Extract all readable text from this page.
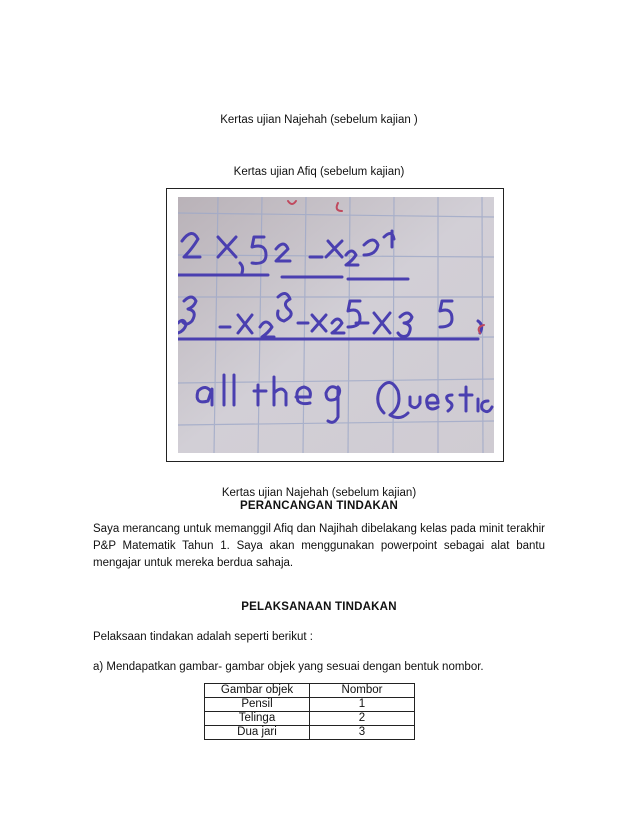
Kertas ujian Najehah (sebelum kajian )
Kertas ujian Afiq (sebelum kajian)
Kertas ujian Najehah (sebelum kajian)
PERANCANGAN TINDAKAN
Saya merancang untuk memanggil Afiq dan Najihah dibelakang kelas pada minit terakhir P&P Matematik Tahun 1. Saya akan menggunakan powerpoint sebagai alat bantu mengajar untuk mereka berdua sahaja.
PELAKSANAAN TINDAKAN
Pelaksaan tindakan adalah seperti berikut :
a) Mendapatkan gambar- gambar objek yang sesuai dengan bentuk nombor.
Gambar objek	Nombor
Pensil	1
Telinga	2
Dua jari	3
